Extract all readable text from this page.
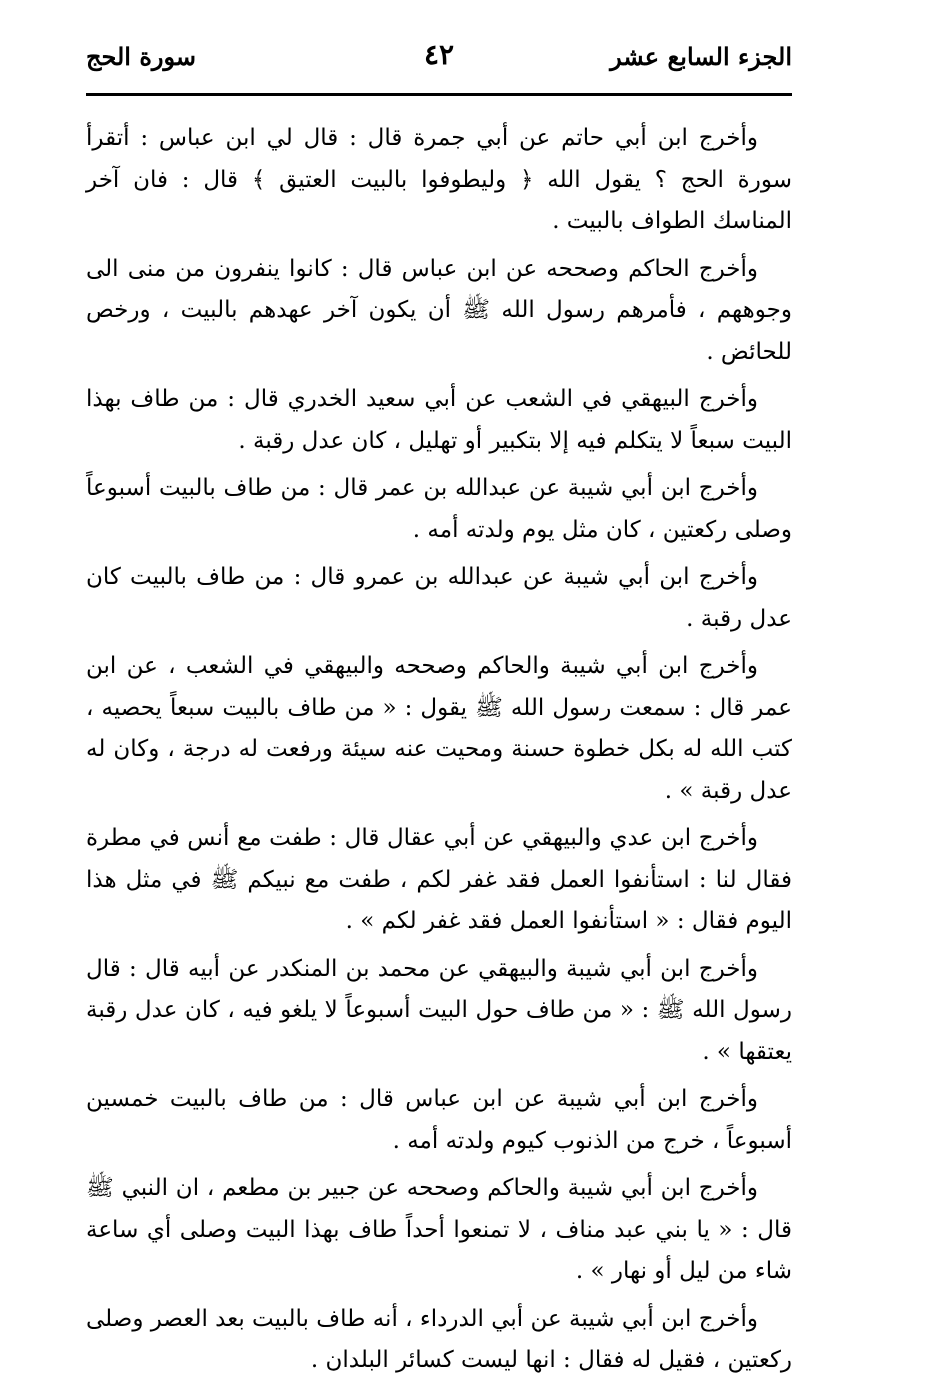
الجزء السابع عشر
٤٢
سورة الحج

وأخرج ابن أبي حاتم عن أبي جمرة قال : قال لي ابن عباس : أتقرأ سورة الحج ؟ يقول الله ﴿ وليطوفوا بالبيت العتيق ﴾ قال : فان آخر المناسك الطواف بالبيت .

وأخرج الحاكم وصححه عن ابن عباس قال : كانوا ينفرون من منى الى وجوههم ، فأمرهم رسول الله ﷺ أن يكون آخر عهدهم بالبيت ، ورخص للحائض .

وأخرج البيهقي في الشعب عن أبي سعيد الخدري قال : من طاف بهذا البيت سبعاً لا يتكلم فيه إلا بتكبير أو تهليل ، كان عدل رقبة .

وأخرج ابن أبي شيبة عن عبدالله بن عمر قال : من طاف بالبيت أسبوعاً وصلى ركعتين ، كان مثل يوم ولدته أمه .

وأخرج ابن أبي شيبة عن عبدالله بن عمرو قال : من طاف بالبيت كان عدل رقبة .

وأخرج ابن أبي شيبة والحاكم وصححه والبيهقي في الشعب ، عن ابن عمر قال : سمعت رسول الله ﷺ يقول : « من طاف بالبيت سبعاً يحصيه ، كتب الله له بكل خطوة حسنة ومحيت عنه سيئة ورفعت له درجة ، وكان له عدل رقبة » .

وأخرج ابن عدي والبيهقي عن أبي عقال قال : طفت مع أنس في مطرة فقال لنا : استأنفوا العمل فقد غفر لكم ، طفت مع نبيكم ﷺ في مثل هذا اليوم فقال : « استأنفوا العمل فقد غفر لكم » .

وأخرج ابن أبي شيبة والبيهقي عن محمد بن المنكدر عن أبيه قال : قال رسول الله ﷺ : « من طاف حول البيت أسبوعاً لا يلغو فيه ، كان عدل رقبة يعتقها » .

وأخرج ابن أبي شيبة عن ابن عباس قال : من طاف بالبيت خمسين أسبوعاً ، خرج من الذنوب كيوم ولدته أمه .

وأخرج ابن أبي شيبة والحاكم وصححه عن جبير بن مطعم ، ان النبي ﷺ قال : « يا بني عبد مناف ، لا تمنعوا أحداً طاف بهذا البيت وصلى أي ساعة شاء من ليل أو نهار » .

وأخرج ابن أبي شيبة عن أبي الدرداء ، أنه طاف بالبيت بعد العصر وصلى ركعتين ، فقيل له فقال : انها ليست كسائر البلدان .
